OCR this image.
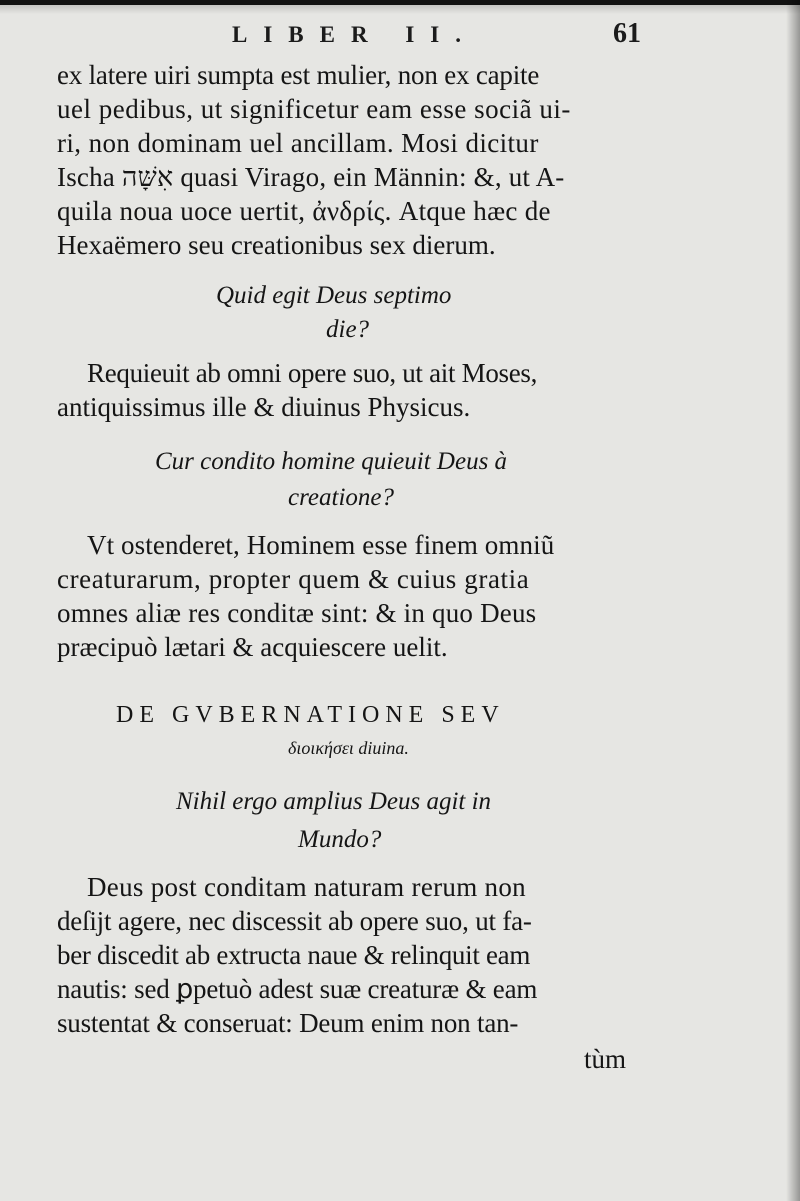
LIBER II.	61
ex latere uiri sumpta est mulier, non ex capite
uel pedibus, ut significetur eam esse sociã ui-
ri, non dominam uel ancillam. Mosi dicitur
Ischa אִשָּׁה quasi Virago, ein Männin: &, ut A-
quila noua uoce uertit, ἀνδρίς. Atque hæc de
Hexaëmero seu creationibus sex dierum.
Quid egit Deus septimo
die?
Requieuit ab omni opere suo, ut ait Moses,
antiquissimus ille & diuinus Physicus.
Cur condito homine quieuit Deus à
creatione?
Vt ostenderet, Hominem esse finem omniũ
creaturarum, propter quem & cuius gratia
omnes aliæ res conditæ sint: & in quo Deus
præcipuò lætari & acquiescere uelit.
DE GVBERNATIONE SEV
διοικήσει diuina.
Nihil ergo amplius Deus agit in
Mundo?
Deus post conditam naturam rerum non
deſijt agere, nec discessit ab opere suo, ut fa-
ber discedit ab extructa naue & relinquit eam
nautis: sed ꝑpetuò adest suæ creaturæ & eam
sustentat & conseruat: Deum enim non tan-
tùm
